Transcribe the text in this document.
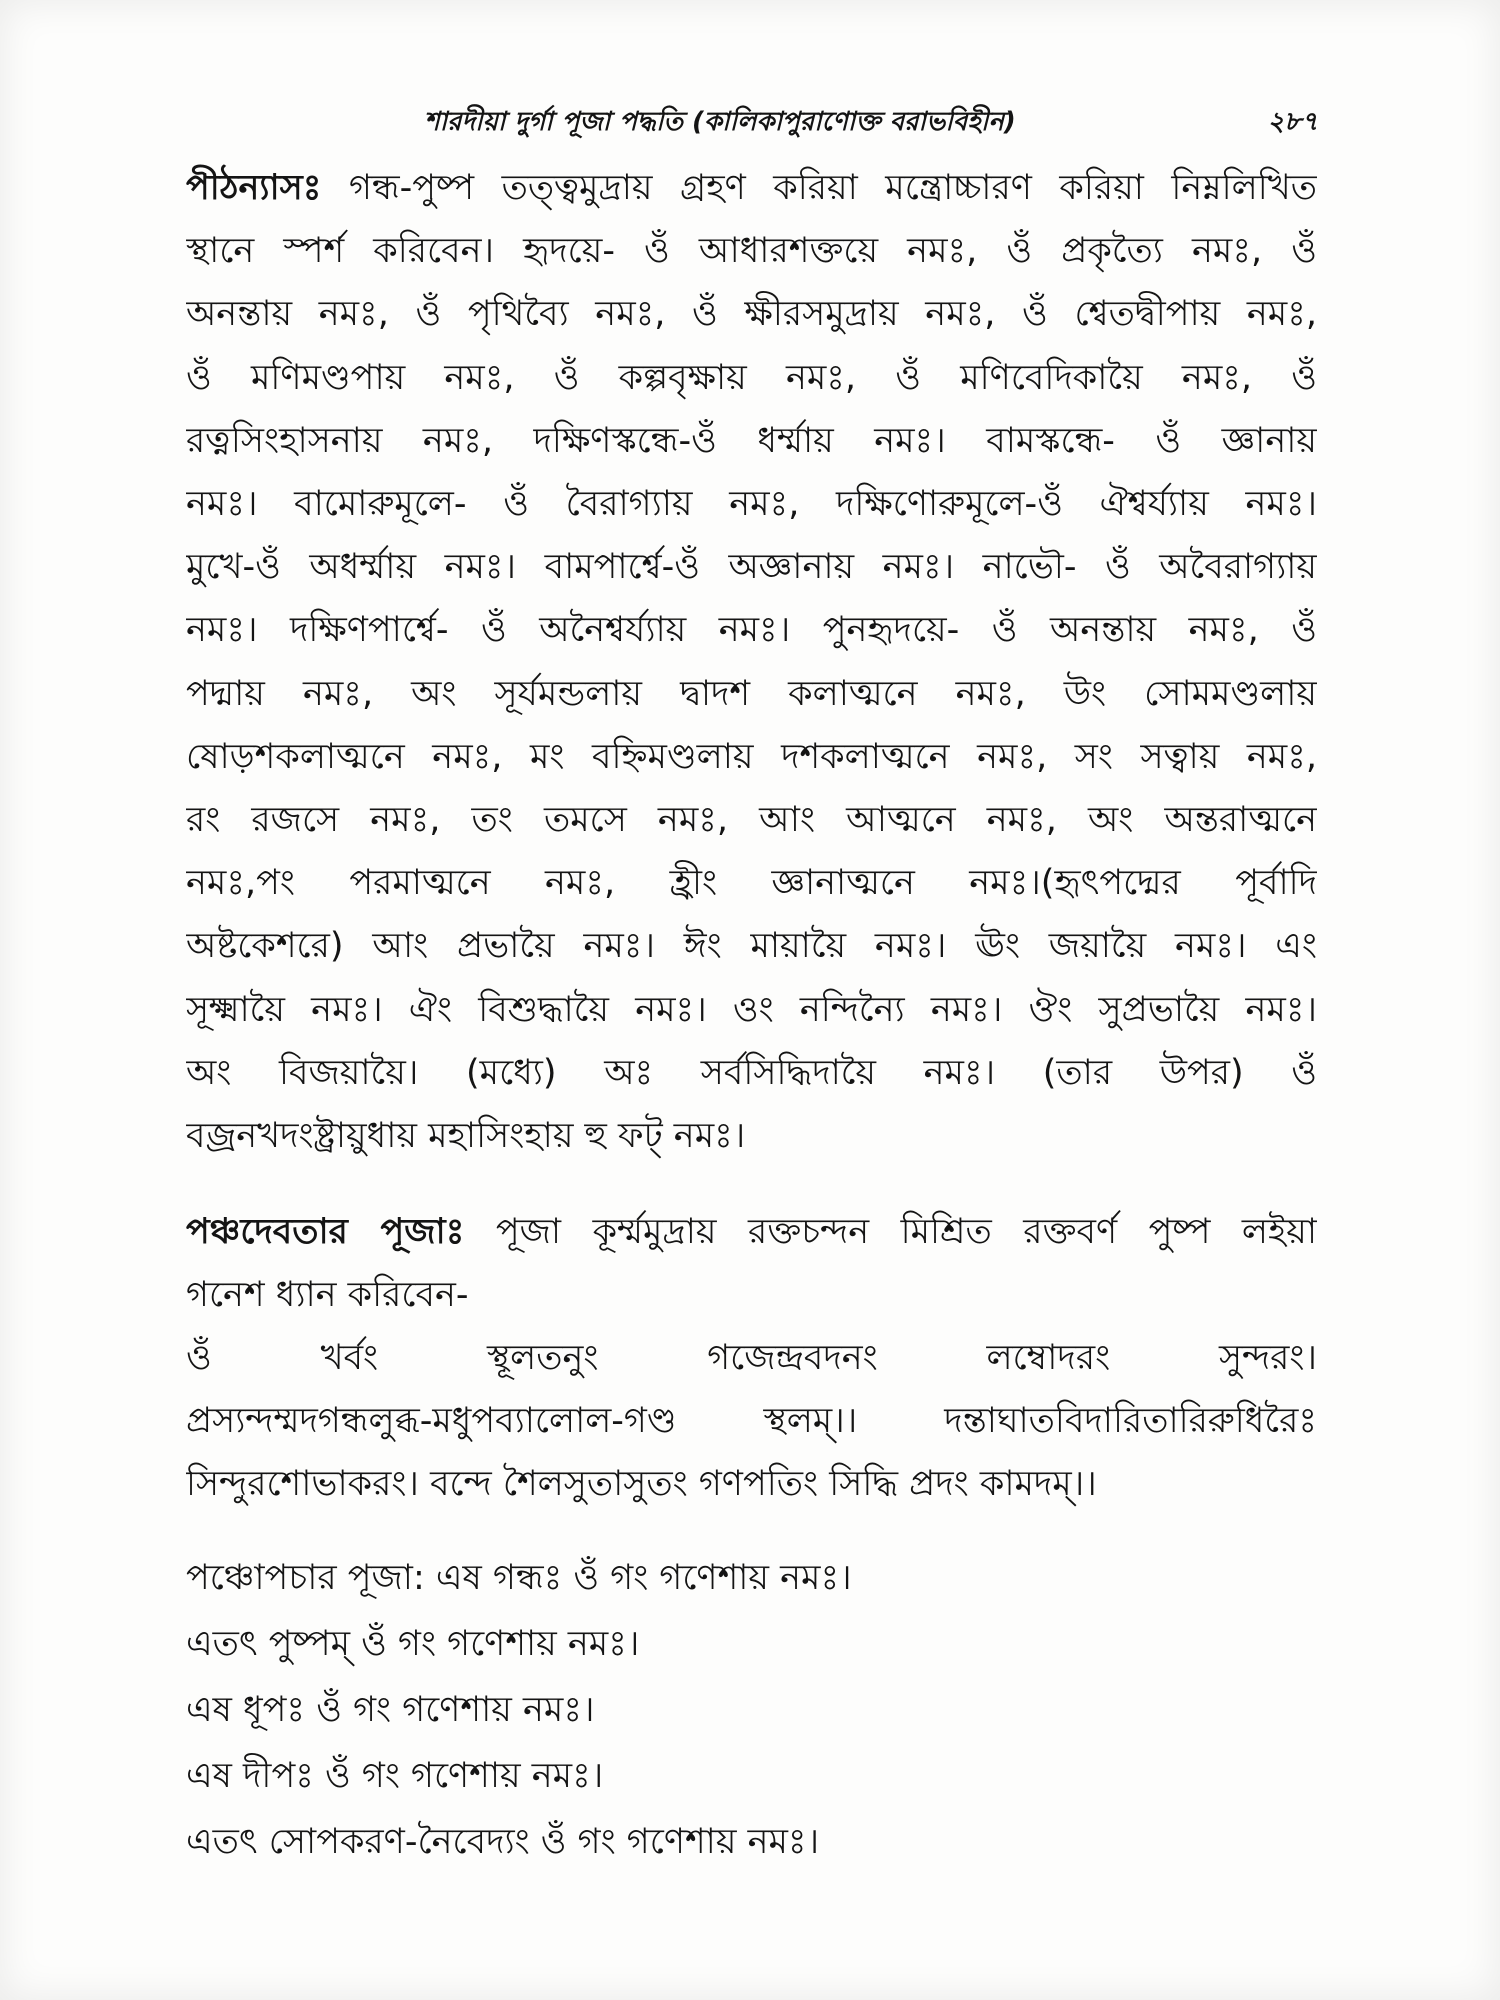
শারদীয়া দুর্গা পূজা পদ্ধতি (কালিকাপুরাণোক্ত বরাভবিহীন)	২৮৭
পীঠন্যাসঃ গন্ধ-পুষ্প তত্ত্বমুদ্রায় গ্রহণ করিয়া মন্ত্রোচ্চারণ করিয়া নিম্নলিখিত
স্থানে স্পর্শ করিবেন। হৃদয়ে- ওঁ আধারশক্তয়ে নমঃ, ওঁ প্রকৃত্যৈ নমঃ, ওঁ
অনন্তায় নমঃ, ওঁ পৃথিব্যৈ নমঃ, ওঁ ক্ষীরসমুদ্রায় নমঃ, ওঁ শ্বেতদ্বীপায় নমঃ,
ওঁ মণিমণ্ডপায় নমঃ, ওঁ কল্পবৃক্ষায় নমঃ, ওঁ মণিবেদিকায়ৈ নমঃ, ওঁ
রত্নসিংহাসনায় নমঃ, দক্ষিণস্কন্ধে-ওঁ ধর্ম্মায় নমঃ। বামস্কন্ধে- ওঁ জ্ঞানায়
নমঃ। বামোরুমূলে- ওঁ বৈরাগ্যায় নমঃ, দক্ষিণোরুমূলে-ওঁ ঐশ্বর্য্যায় নমঃ।
মুখে-ওঁ অধর্ম্মায় নমঃ। বামপার্শ্বে-ওঁ অজ্ঞানায় নমঃ। নাভৌ- ওঁ অবৈরাগ্যায়
নমঃ। দক্ষিণপার্শ্বে- ওঁ অনৈশ্বর্য্যায় নমঃ। পুনহৃদয়ে- ওঁ অনন্তায় নমঃ, ওঁ
পদ্মায় নমঃ, অং সূর্যমন্ডলায় দ্বাদশ কলাত্মনে নমঃ, উং সোমমণ্ডলায়
ষোড়শকলাত্মনে নমঃ, মং বহ্নিমণ্ডলায় দশকলাত্মনে নমঃ, সং সত্বায় নমঃ,
রং রজসে নমঃ, তং তমসে নমঃ, আং আত্মনে নমঃ, অং অন্তরাত্মনে
নমঃ,পং পরমাত্মনে নমঃ, হ্রীং জ্ঞানাত্মনে নমঃ।(হৃৎপদ্মের পূর্বাদি
অষ্টকেশরে) আং প্রভায়ৈ নমঃ। ঈং মায়ায়ৈ নমঃ। ঊং জয়ায়ৈ নমঃ। এং
সূক্ষ্মায়ৈ নমঃ। ঐং বিশুদ্ধায়ৈ নমঃ। ওং নন্দিন্যৈ নমঃ। ঔং সুপ্রভায়ৈ নমঃ।
অং বিজয়ায়ৈ। (মধ্যে) অঃ সর্বসিদ্ধিদায়ৈ নমঃ। (তার উপর) ওঁ
বজ্রনখদংষ্ট্রায়ুধায় মহাসিংহায় হু ফট্ নমঃ।
পঞ্চদেবতার পূজাঃ পূজা কূর্ম্মমুদ্রায় রক্তচন্দন মিশ্রিত রক্তবর্ণ পুষ্প লইয়া
গনেশ ধ্যান করিবেন-
ওঁ খর্বং স্থূলতনুং গজেন্দ্রবদনং লম্বোদরং সুন্দরং।
প্রস্যন্দম্মদগন্ধলুব্ধ-মধুপব্যালোল-গণ্ড স্থলম্।। দন্তাঘাতবিদারিতারিরুধিরৈঃ
সিন্দুরশোভাকরং। বন্দে শৈলসুতাসুতং গণপতিং সিদ্ধি প্রদং কামদম্।।
পঞ্চোপচার পূজা: এষ গন্ধঃ ওঁ গং গণেশায় নমঃ।
এতৎ পুষ্পম্ ওঁ গং গণেশায় নমঃ।
এষ ধূপঃ ওঁ গং গণেশায় নমঃ।
এষ দীপঃ ওঁ গং গণেশায় নমঃ।
এতৎ সোপকরণ-নৈবেদ্যং ওঁ গং গণেশায় নমঃ।
